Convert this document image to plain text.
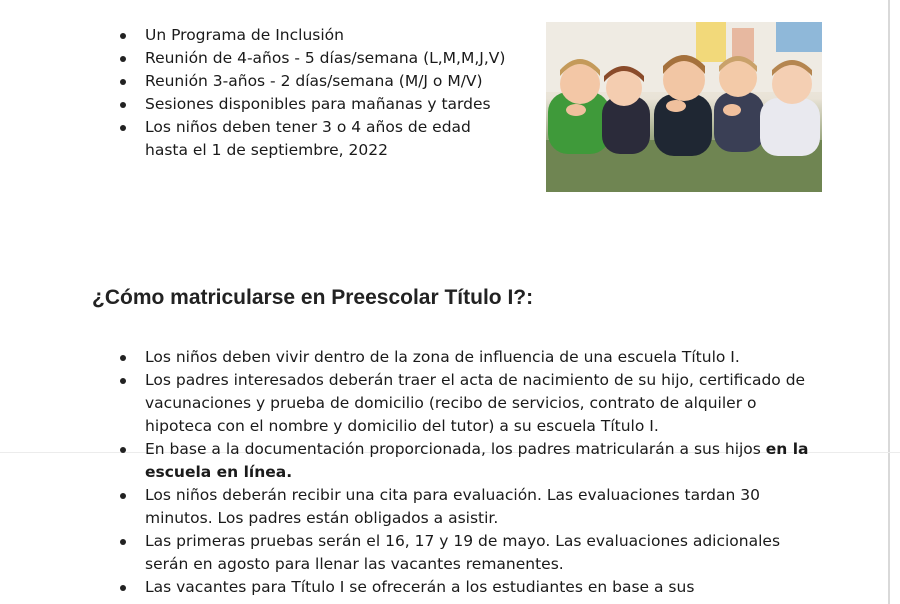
Un Programa de Inclusión
Reunión de 4-años - 5 días/semana (L,M,M,J,V)
Reunión 3-años - 2 días/semana (M/J o M/V)
Sesiones disponibles para mañanas y tardes
Los niños deben tener 3 o 4 años de edad hasta el 1 de septiembre, 2022
¿Cómo matricularse en Preescolar Título I?:
Los niños deben vivir dentro de la zona de influencia de una escuela Título I.
Los padres interesados deberán traer el acta de nacimiento de su hijo, certificado de vacunaciones y prueba de domicilio (recibo de servicios, contrato de alquiler o hipoteca con el nombre y domicilio del tutor) a su escuela Título I.
En base a la documentación proporcionada, los padres matricularán a sus hijos en la escuela en línea.
Los niños deberán recibir una cita para evaluación. Las evaluaciones tardan 30 minutos. Los padres están obligados a asistir.
Las primeras pruebas serán el 16, 17 y 19 de mayo. Las evaluaciones adicionales serán en agosto para llenar las vacantes remanentes.
Las vacantes para Título I se ofrecerán a los estudiantes en base a sus
